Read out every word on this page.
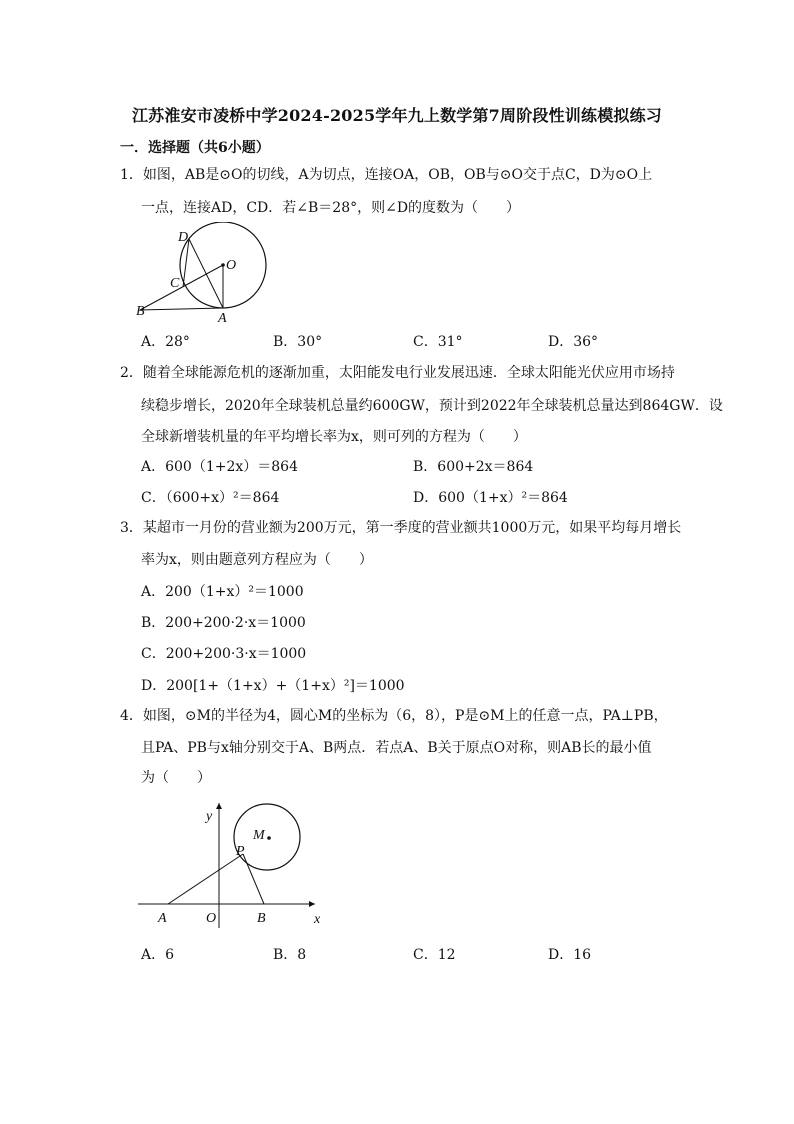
江苏淮安市凌桥中学2024-2025学年九上数学第7周阶段性训练模拟练习
一．选择题（共6小题）
1．如图，AB是⊙O的切线，A为切点，连接OA，OB，OB与⊙O交于点C，D为⊙O上
一点，连接AD，CD．若∠B＝28°，则∠D的度数为（　　）
D
C
O
B	A
A．28°	B．30°	C．31°	D．36°
2．随着全球能源危机的逐渐加重，太阳能发电行业发展迅速．全球太阳能光伏应用市场持
续稳步增长，2020年全球装机总量约600GW，预计到2022年全球装机总量达到864GW．设
全球新增装机量的年平均增长率为x，则可列的方程为（　　）
A．600（1+2x）＝864	B．600+2x＝864
C．（600+x）²＝864	D．600（1+x）²＝864
3．某超市一月份的营业额为200万元，第一季度的营业额共1000万元，如果平均每月增长
率为x，则由题意列方程应为（　　）
A．200（1+x）²＝1000
B．200+200·2·x＝1000
C．200+200·3·x＝1000
D．200[1+（1+x）+（1+x）²]＝1000
4．如图，⊙M的半径为4，圆心M的坐标为（6，8），P是⊙M上的任意一点，PA⊥PB，
且PA、PB与x轴分别交于A、B两点．若点A、B关于原点O对称，则AB长的最小值
为（　　）
y
x
M
P
A	O	B
A．6	B．8	C．12	D．16
